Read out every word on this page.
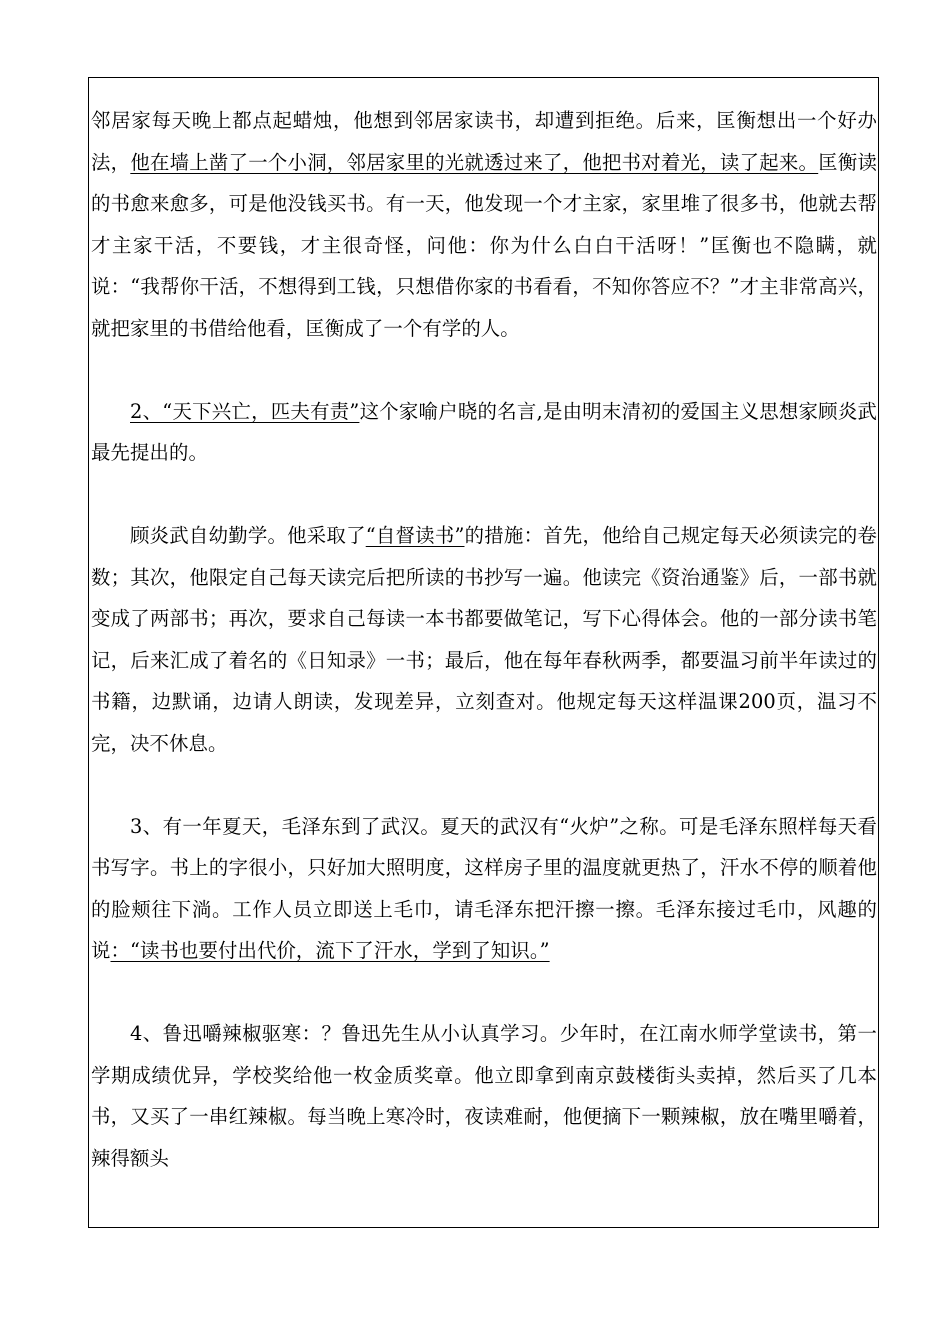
邻居家每天晚上都点起蜡烛，他想到邻居家读书，却遭到拒绝。后来，匡衡想出一个好办法，他在墙上凿了一个小洞，邻居家里的光就透过来了，他把书对着光，读了起来。匡衡读的书愈来愈多，可是他没钱买书。有一天，他发现一个才主家，家里堆了很多书，他就去帮才主家干活，不要钱，才主很奇怪，问他：你为什么白白干活呀！”匡衡也不隐瞒，就说：“我帮你干活，不想得到工钱，只想借你家的书看看，不知你答应不？”才主非常高兴，就把家里的书借给他看，匡衡成了一个有学的人。

2、“天下兴亡，匹夫有责”这个家喻户晓的名言,是由明末清初的爱国主义思想家顾炎武最先提出的。

顾炎武自幼勤学。他采取了“自督读书”的措施：首先，他给自己规定每天必须读完的卷数；其次，他限定自己每天读完后把所读的书抄写一遍。他读完《资治通鉴》后，一部书就变成了两部书；再次，要求自己每读一本书都要做笔记，写下心得体会。他的一部分读书笔记，后来汇成了着名的《日知录》一书；最后，他在每年春秋两季，都要温习前半年读过的书籍，边默诵，边请人朗读，发现差异，立刻查对。他规定每天这样温课200页，温习不完，决不休息。

3、有一年夏天，毛泽东到了武汉。夏天的武汉有“火炉”之称。可是毛泽东照样每天看书写字。书上的字很小，只好加大照明度，这样房子里的温度就更热了，汗水不停的顺着他的脸颊往下淌。工作人员立即送上毛巾，请毛泽东把汗擦一擦。毛泽东接过毛巾，风趣的说：“读书也要付出代价，流下了汗水，学到了知识。”

4、鲁迅嚼辣椒驱寒：？鲁迅先生从小认真学习。少年时，在江南水师学堂读书，第一学期成绩优异，学校奖给他一枚金质奖章。他立即拿到南京鼓楼街头卖掉，然后买了几本书，又买了一串红辣椒。每当晚上寒冷时，夜读难耐，他便摘下一颗辣椒，放在嘴里嚼着，辣得额头
